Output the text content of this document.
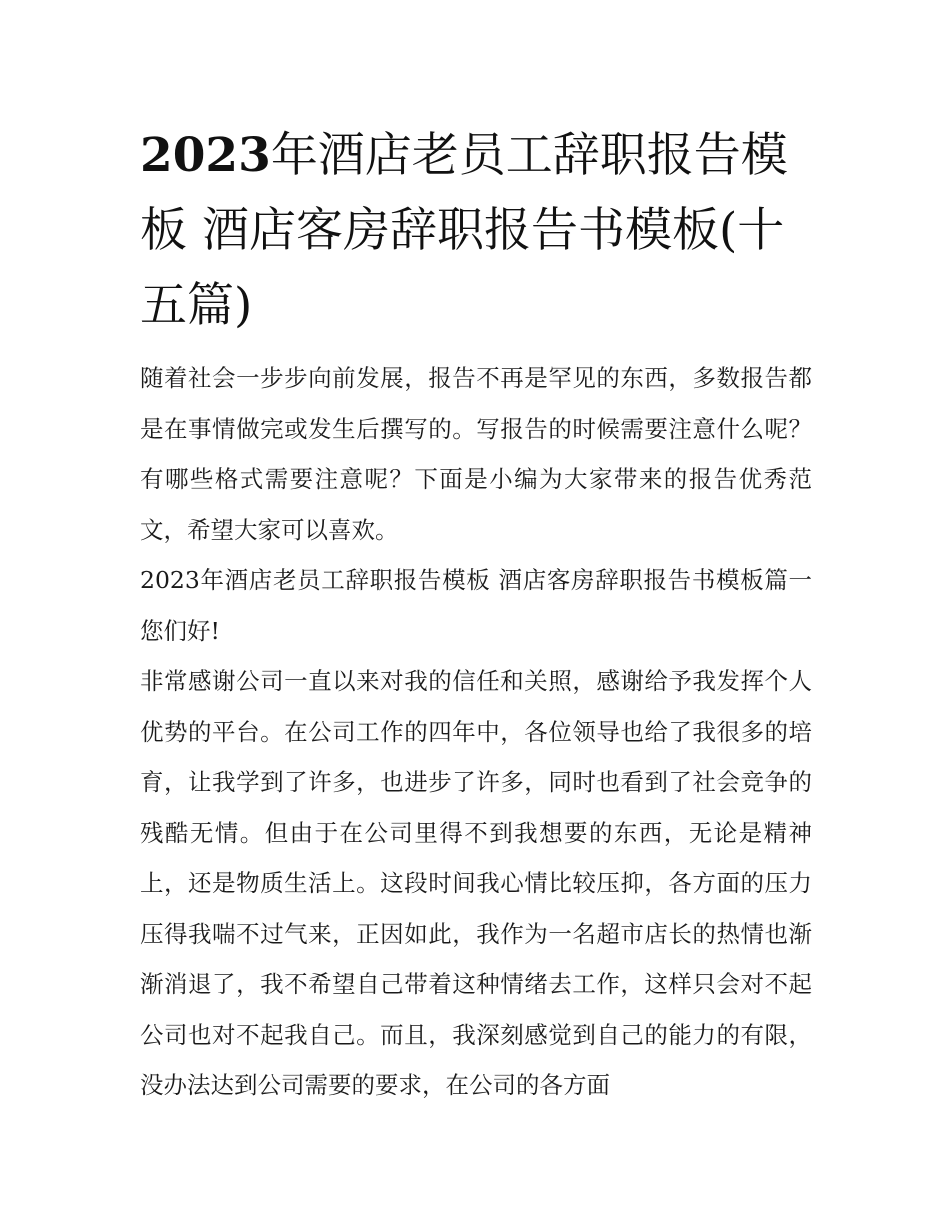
2023年酒店老员工辞职报告模板 酒店客房辞职报告书模板(十五篇)

随着社会一步步向前发展，报告不再是罕见的东西，多数报告都是在事情做完或发生后撰写的。写报告的时候需要注意什么呢？有哪些格式需要注意呢？下面是小编为大家带来的报告优秀范文，希望大家可以喜欢。

2023年酒店老员工辞职报告模板 酒店客房辞职报告书模板篇一 您们好!

非常感谢公司一直以来对我的信任和关照，感谢给予我发挥个人优势的平台。在公司工作的四年中，各位领导也给了我很多的培育，让我学到了许多，也进步了许多，同时也看到了社会竞争的残酷无情。但由于在公司里得不到我想要的东西，无论是精神上，还是物质生活上。这段时间我心情比较压抑，各方面的压力压得我喘不过气来，正因如此，我作为一名超市店长的热情也渐渐消退了，我不希望自己带着这种情绪去工作，这样只会对不起公司也对不起我自己。而且，我深刻感觉到自己的能力的有限，没办法达到公司需要的要求，在公司的各方面
